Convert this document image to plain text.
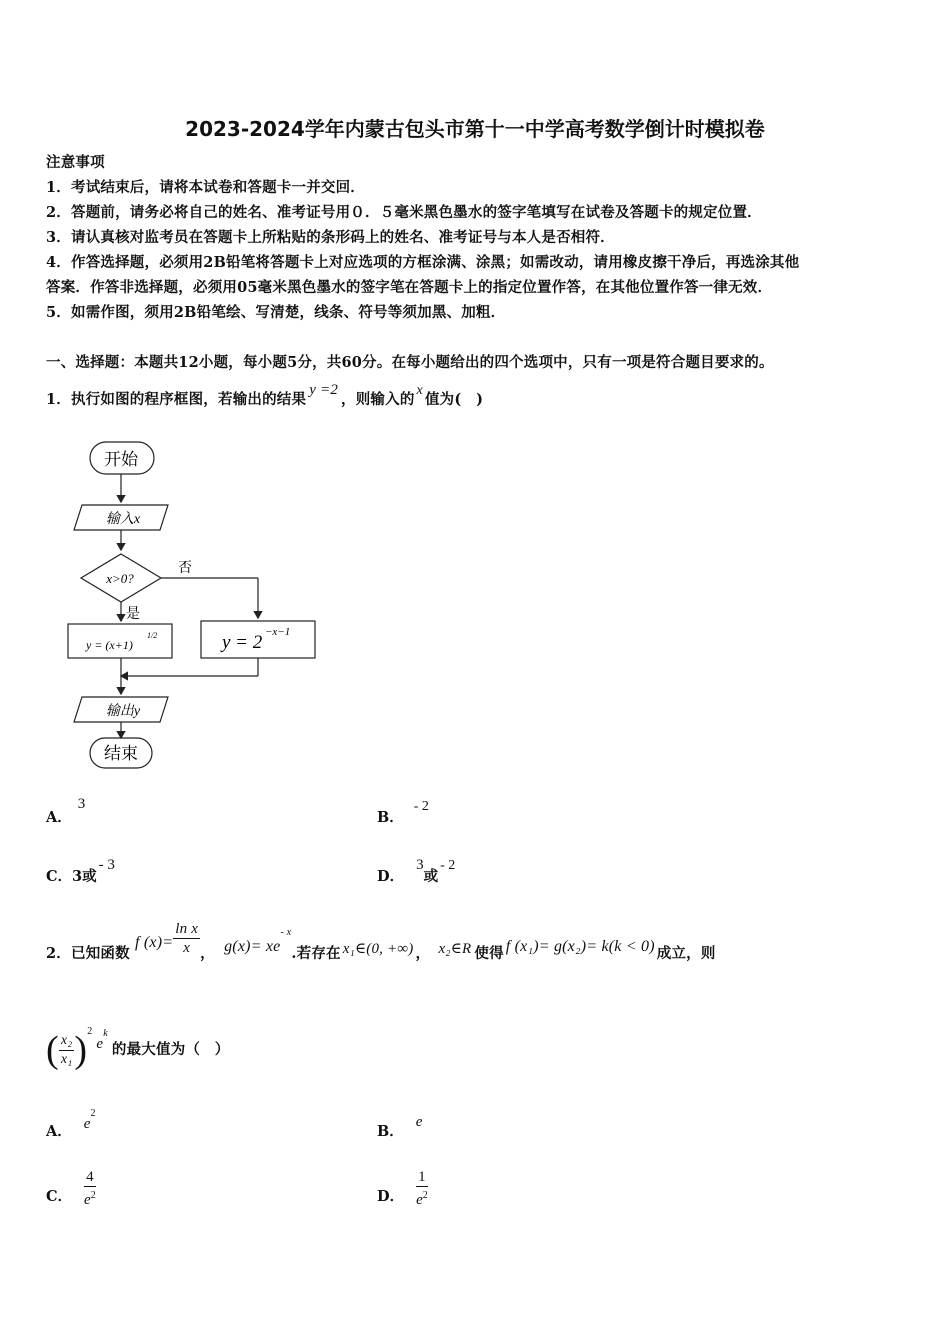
2023-2024学年内蒙古包头市第十一中学高考数学倒计时模拟卷
注意事项
1．考试结束后，请将本试卷和答题卡一并交回．
2．答题前，请务必将自己的姓名、准考证号用０．５毫米黑色墨水的签字笔填写在试卷及答题卡的规定位置．
3．请认真核对监考员在答题卡上所粘贴的条形码上的姓名、准考证号与本人是否相符．
4．作答选择题，必须用2B铅笔将答题卡上对应选项的方框涂满、涂黑；如需改动，请用橡皮擦干净后，再选涂其他
答案．作答非选择题，必须用05毫米黑色墨水的签字笔在答题卡上的指定位置作答，在其他位置作答一律无效．
5．如需作图，须用2B铅笔绘、写清楚，线条、符号等须加黑、加粗．
一、选择题：本题共12小题，每小题5分，共60分。在每小题给出的四个选项中，只有一项是符合题目要求的。
1．执行如图的程序框图，若输出的结果y =2，则输入的x值为(　)
开始
输入x
x>0?
否
是
y = (x+1)
1/2	y = 2 −x−1
输出y
结束
A．3
B．- 2
C．3或- 3
D．3或- 2
2．已知函数 f $(x)= \frac{\text{ln x}}{x}$ ， $g(x)= xe^{- x}$.若存在 x₁∈(0, +∞) ， x₂∈R 使得 f (x₁)= g(x₂)= k(k < 0) 成立，则
( $\frac{\text{x₂}}{\text{x₁}} )^2e^k$的最大值为（　）
A． $e^2$
B．e
C． $\frac{4}{e^2}$	D． $\frac{1}{e^2}$
